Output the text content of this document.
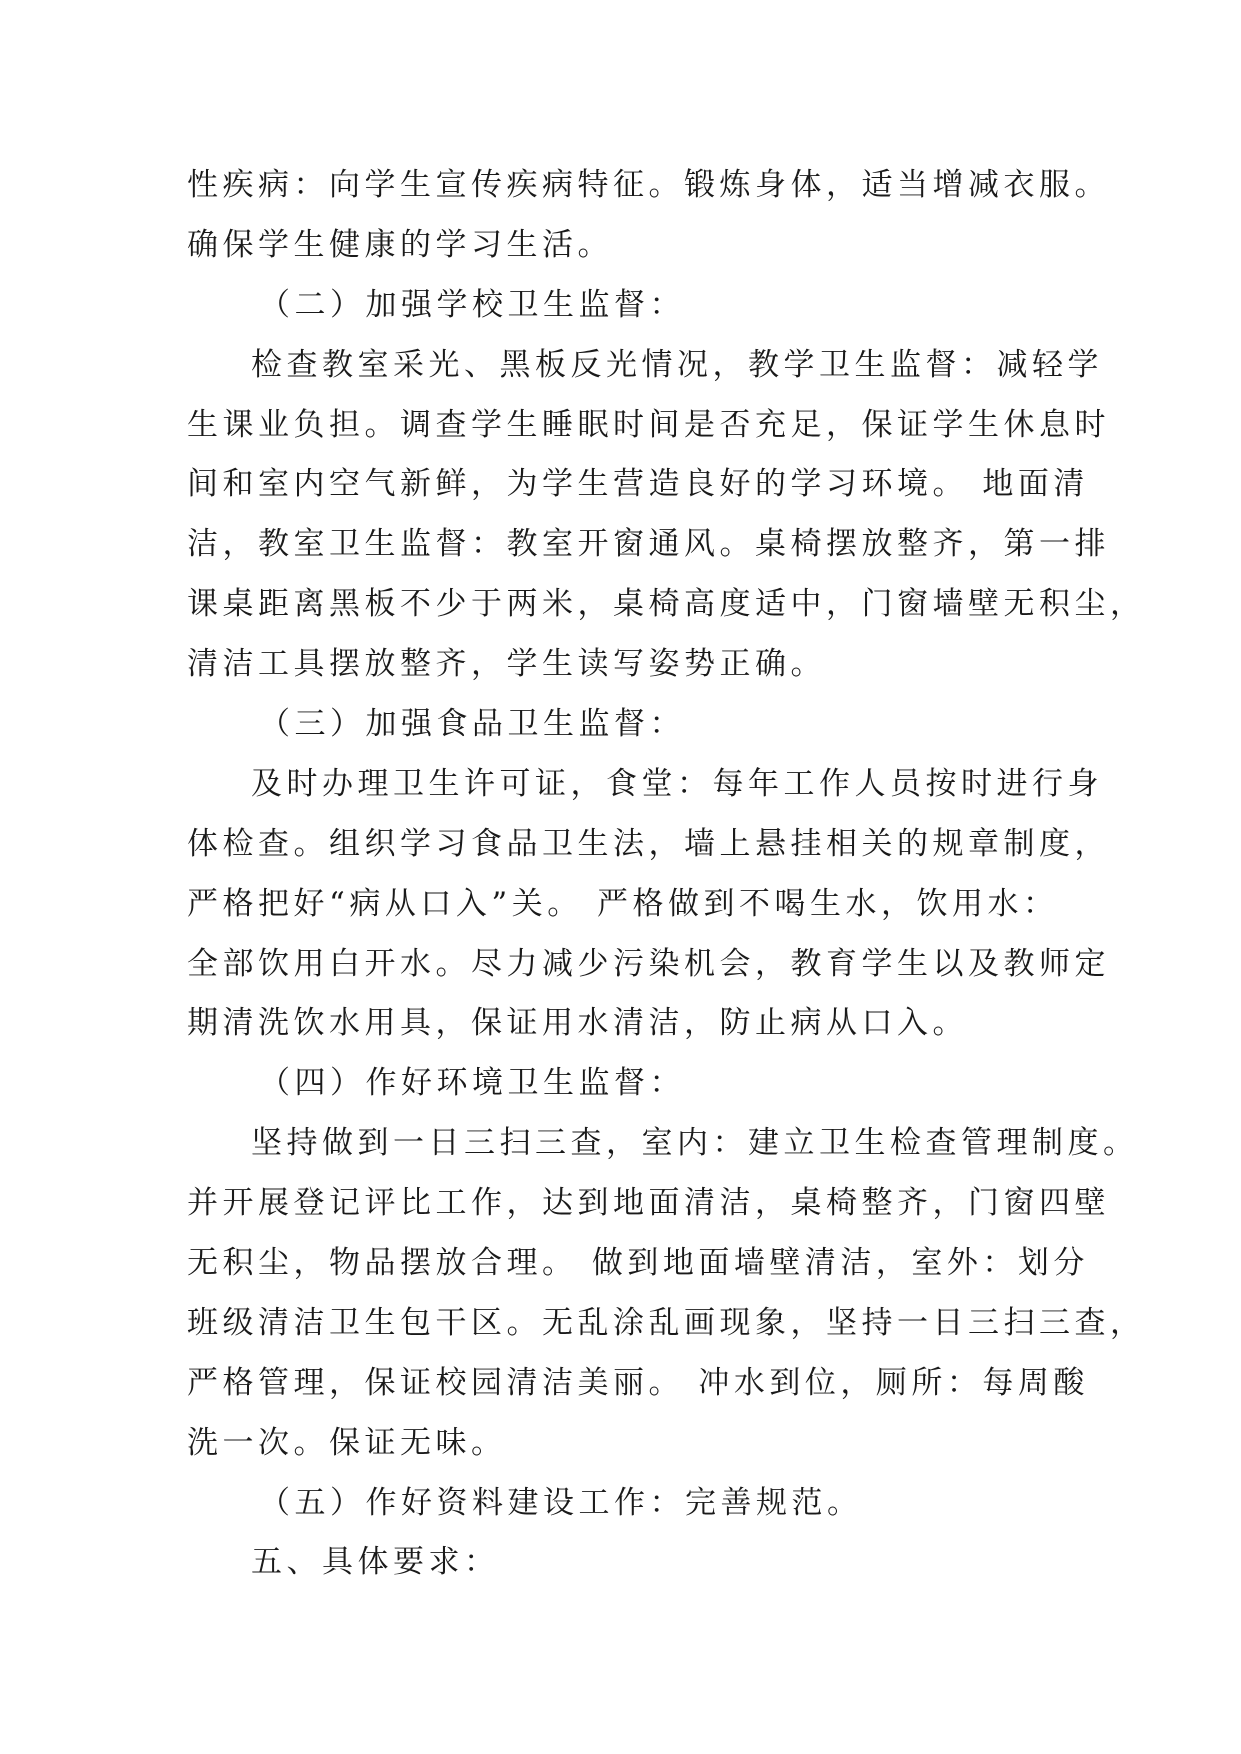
性疾病：向学生宣传疾病特征。锻炼身体，适当增减衣服。
确保学生健康的学习生活。
（二）加强学校卫生监督：
检查教室采光、黑板反光情况，教学卫生监督：减轻学
生课业负担。调查学生睡眠时间是否充足，保证学生休息时
间和室内空气新鲜，为学生营造良好的学习环境。 地面清
洁，教室卫生监督：教室开窗通风。桌椅摆放整齐，第一排
课桌距离黑板不少于两米，桌椅高度适中，门窗墙壁无积尘，
清洁工具摆放整齐，学生读写姿势正确。
（三）加强食品卫生监督：
及时办理卫生许可证，食堂：每年工作人员按时进行身
体检查。组织学习食品卫生法，墙上悬挂相关的规章制度，
严格把好“病从口入”关。 严格做到不喝生水，饮用水：
全部饮用白开水。尽力减少污染机会，教育学生以及教师定
期清洗饮水用具，保证用水清洁，防止病从口入。
（四）作好环境卫生监督：
坚持做到一日三扫三查，室内：建立卫生检查管理制度。
并开展登记评比工作，达到地面清洁，桌椅整齐，门窗四壁
无积尘，物品摆放合理。 做到地面墙壁清洁，室外：划分
班级清洁卫生包干区。无乱涂乱画现象，坚持一日三扫三查，
严格管理，保证校园清洁美丽。 冲水到位，厕所：每周酸
洗一次。保证无味。
（五）作好资料建设工作：完善规范。
五、具体要求：
